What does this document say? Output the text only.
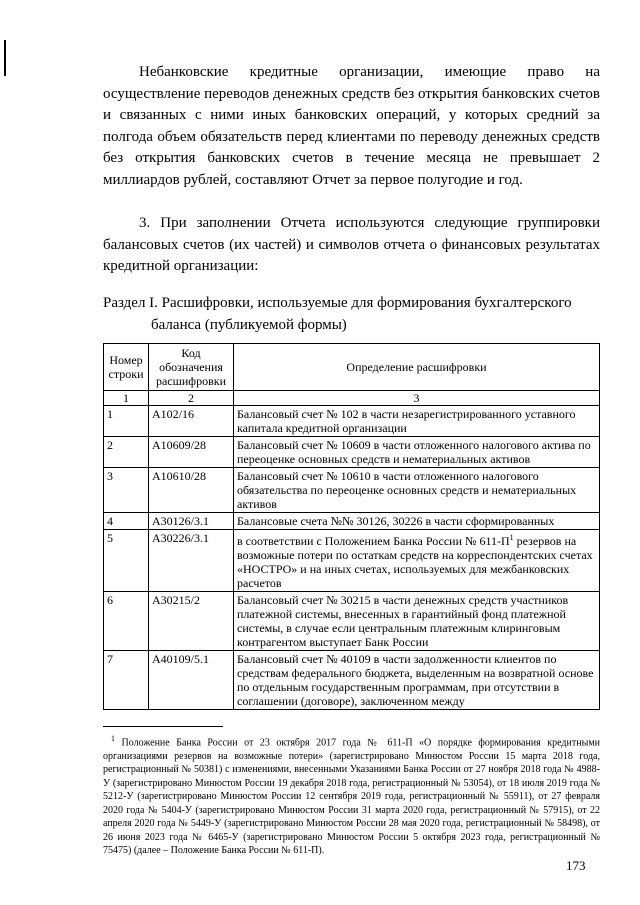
Небанковские кредитные организации, имеющие право на осуществление переводов денежных средств без открытия банковских счетов и связанных с ними иных банковских операций, у которых средний за полгода объем обязательств перед клиентами по переводу денежных средств без открытия банковских счетов в течение месяца не превышает 2 миллиардов рублей, составляют Отчет за первое полугодие и год.
3. При заполнении Отчета используются следующие группировки балансовых счетов (их частей) и символов отчета о финансовых результатах кредитной организации:
Раздел I. Расшифровки, используемые для формирования бухгалтерского
баланса (публикуемой формы)
Номер строки	Код обозначения расшифровки	Определение расшифровки
1	2	3
1	А102/16	Балансовый счет № 102 в части незарегистрированного уставного капитала кредитной организации
2	А10609/28	Балансовый счет № 10609 в части отложенного налогового актива по переоценке основных средств и нематериальных активов
3	А10610/28	Балансовый счет № 10610 в части отложенного налогового обязательства по переоценке основных средств и нематериальных активов
4	А30126/3.1	Балансовые счета №№ 30126, 30226 в части сформированных
5	А30226/3.1	в соответствии с Положением Банка России № $611-П^1$ резервов на возможные потери по остаткам средств на корреспондентских счетах «НОСТРО» и на иных счетах, используемых для межбанковских расчетов
6	А30215/2	Балансовый счет № 30215 в части денежных средств участников платежной системы, внесенных в гарантийный фонд платежной системы, в случае если центральным платежным клиринговым контрагентом выступает Банк России
7	А40109/5.1	Балансовый счет № 40109 в части задолженности клиентов по средствам федерального бюджета, выделенным на возвратной основе по отдельным государственным программам, при отсутствии в соглашении (договоре), заключенном между
$^1$ Положение Банка России от 23 октября 2017 года № 611-П «О порядке формирования кредитными организациями резервов на возможные потери» (зарегистрировано Минюстом России 15 марта 2018 года, регистрационный № 50381) с изменениями, внесенными Указаниями Банка России от 27 ноября 2018 года № 4988-У (зарегистрировано Минюстом России 19 декабря 2018 года, регистрационный № 53054), от 18 июля 2019 года № 5212-У (зарегистрировано Минюстом России 12 сентября 2019 года, регистрационный № 55911), от 27 февраля 2020 года № 5404-У (зарегистрировано Минюстом России 31 марта 2020 года, регистрационный № 57915), от 22 апреля 2020 года № 5449-У (зарегистрировано Минюстом России 28 мая 2020 года, регистрационный № 58498), от 26 июня 2023 года № 6465-У (зарегистрировано Минюстом России 5 октября 2023 года, регистрационный № 75475) (далее – Положение Банка России № 611-П).
173
